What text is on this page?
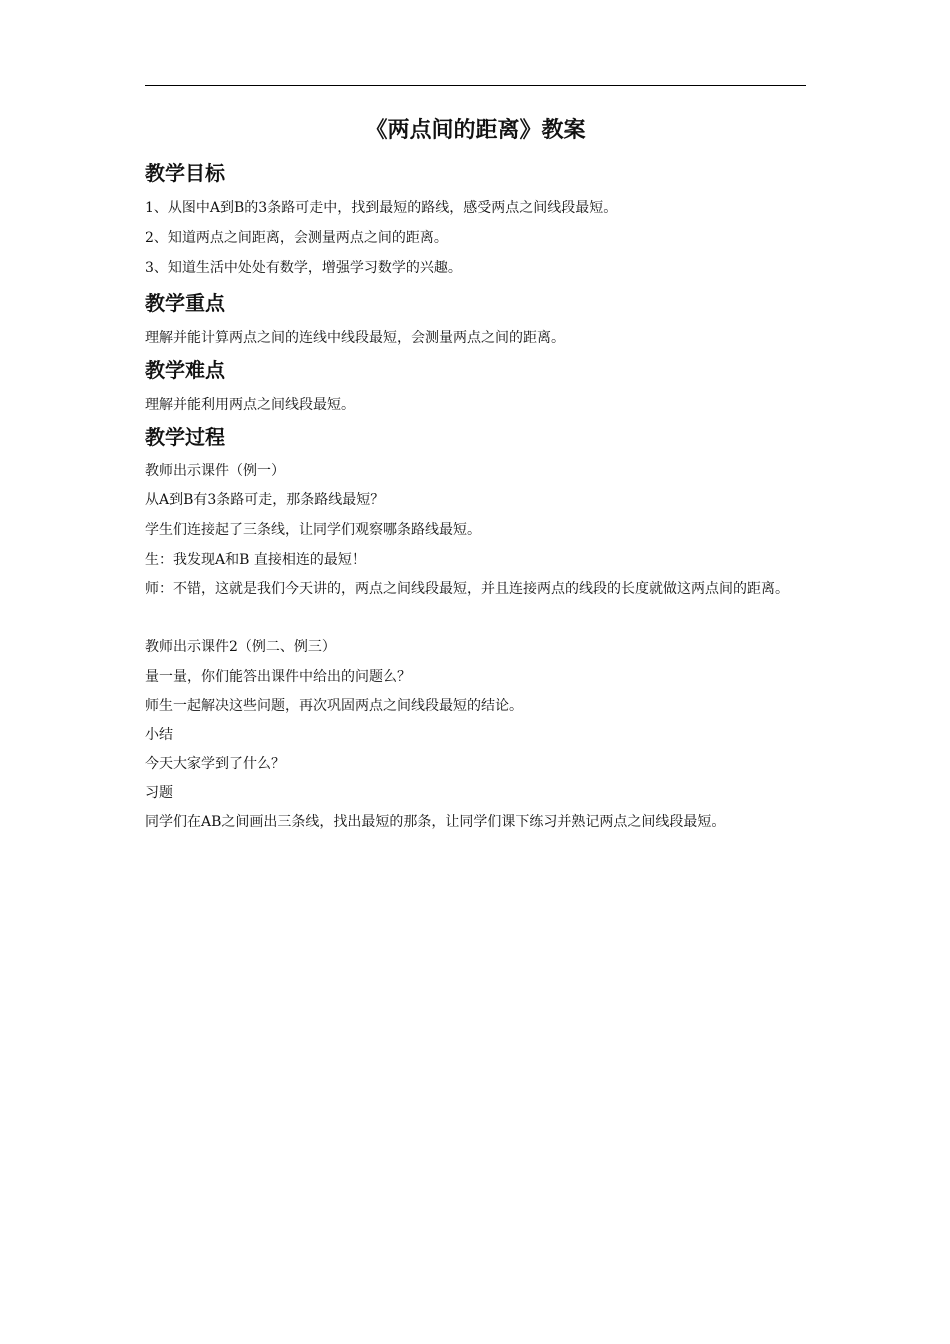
《两点间的距离》教案
教学目标

1、从图中A到B的3条路可走中，找到最短的路线，感受两点之间线段最短。

2、知道两点之间距离，会测量两点之间的距离。

3、知道生活中处处有数学，增强学习数学的兴趣。

教学重点

理解并能计算两点之间的连线中线段最短，会测量两点之间的距离。

教学难点

理解并能利用两点之间线段最短。

教学过程

教师出示课件（例一）

从A到B有3条路可走，那条路线最短？

学生们连接起了三条线，让同学们观察哪条路线最短。

生：我发现A和B 直接相连的最短！

师：不错，这就是我们今天讲的，两点之间线段最短，并且连接两点的线段的长度就做这两点间的距离。

教师出示课件2（例二、例三）

量一量，你们能答出课件中给出的问题么？

师生一起解决这些问题，再次巩固两点之间线段最短的结论。

小结

今天大家学到了什么？

习题

同学们在AB之间画出三条线，找出最短的那条，让同学们课下练习并熟记两点之间线段最短。
